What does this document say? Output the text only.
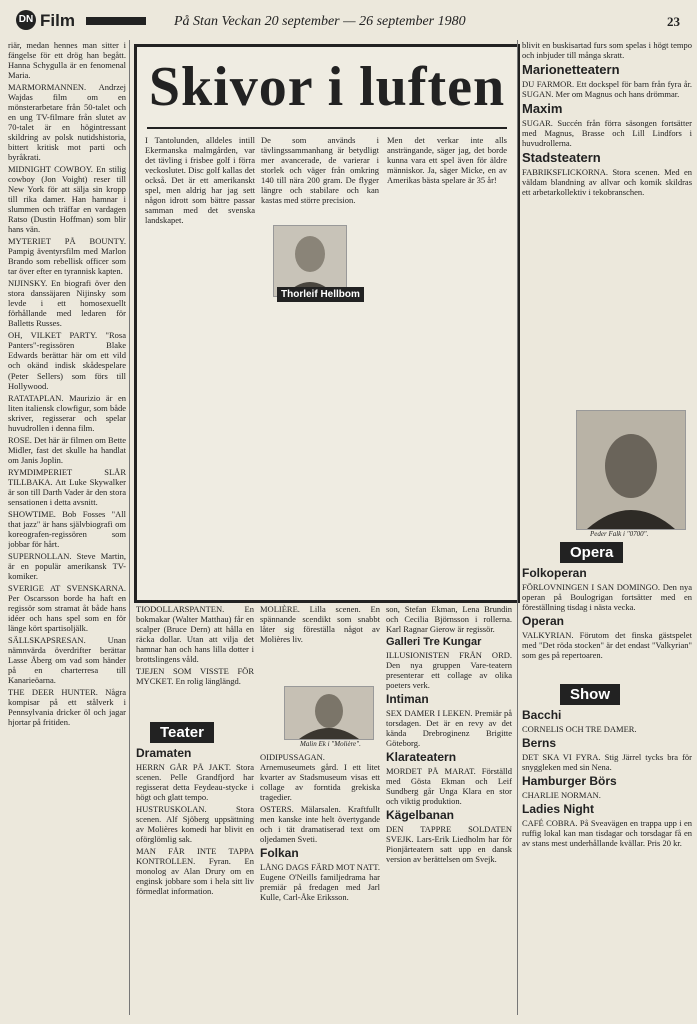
DN Film	På Stan Veckan 20 september — 26 september 1980	23

riär, medan hennes man sitter i fängelse för ett drög han begått. Hanna Schygulla är en fenomenal Maria.

MARMORMANNEN. Andrzej Wajdas film om en mönsterarbetare från 50-talet och en ung TV-filmare från slutet av 70-talet är en högintressant skildring av polsk nutidshistoria, bittert kritisk mot parti och byråkrati.

MIDNIGHT COWBOY. En stilig cowboy (Jon Voight) reser till New York för att sälja sin kropp till rika damer. Han hamnar i slummen och träffar en vardagen Ratso (Dustin Hoffman) som blir hans vän.

MYTERIET PÅ BOUNTY. Pampig äventyrsfilm med Marlon Brando som rebellisk officer som tar över efter en tyrannisk kapten.

NIJINSKY. En biografi över den stora danssäjaren Nijinsky som levde i ett homosexuellt förhållande med ledaren för Balletts Russes.

OH, VILKET PARTY. "Rosa Panters"-regissören Blake Edwards berättar här om ett vild och okänd indisk skådespelare (Peter Sellers) som förs till Hollywood.

RATATAPLAN. Maurizio är en liten italiensk clowfigur, som både skriver, regisserar och spelar huvudrollen i denna film.

ROSE. Det här är filmen om Bette Midler, fast det skulle ha handlat om Janis Joplin.

RYMDIMPERIET SLÅR TILLBAKA. Att Luke Skywalker är son till Darth Vader är den stora sensationen i detta avsnitt.

SHOWTIME. Bob Fosses "All that jazz" är hans självbiografi om koreografen-regissören som jobbar för hårt.

SUPERNOLLAN. Steve Martin, är en populär amerikansk TV-komiker.

SVERIGE AT SVENSKARNA. Per Oscarsson borde ha haft en regissör som stramat åt både hans idéer och hans spel som en för länge kört spartisoljälk.

SÄLLSKAPSRESAN. Unan nämnvärda överdrifter berättar Lasse Åberg om vad som händer på en charterresa till Kanarieöarna.

THE DEER HUNTER. Några kompisar på ett stålverk i Pennsylvania dricker öl och jagar hjortar på fritiden.

Skivor i luften
I Tantolunden, alldeles intill Ekermanska malmgården, var det tävling i frisbee golf i förra veckoslutet. Disc golf kallas det också. Det är ett amerikanskt spel, men aldrig har jag sett någon idrott som bättre passar samman med det svenska landskapet.
Thorleif Hellbom
De som används i tävlingssammanhang är betydligt mer avancerade, de varierar i storlek och väger från omkring 140 till nära 200 gram. De flyger längre och stabilare och kan kastas med större precision.
Men det verkar inte alls ansträngande, säger jag, det borde kunna vara ett spel även för äldre människor. Ja, säger Micke, en av Amerikas bästa spelare är 35 år!

blivit en buskisartad furs som spelas i högt tempo och inbjuder till många skratt.

Marionetteatern

DU FARMOR. Ett dockspel för barn från fyra år. SUGAN. Mer om Magnus och hans drömmar.

Maxim

SUGAR. Succén från förra säsongen fortsätter med Magnus, Brasse och Lill Lindfors i huvudrollerna.

Stadsteatern

FABRIKSFLICKORNA. Stora scenen. Med en väldam blandning av allvar och komik skildras ett arbetarkollektiv i tekobranschen.

Peder Falk i "0700".
Opera

Folkoperan

FÖRLOVNINGEN I SAN DOMINGO. Den nya operan på Boulogrigan fortsätter med en föreställning tisdag i nästa vecka.

Operan

VALKYRIAN. Förutom det finska gästspelet med "Det röda stocken" är det endast "Valkyrian" som ges på repertoaren.

Show

Bacchi

CORNELIS OCH TRE DAMER.

Berns

DET SKA VI FYRA. Stig Järrel tycks bra för snyggleken med sin Nena.

Hamburger Börs

CHARLIE NORMAN.

Ladies Night

CAFÉ COBRA. På Sveavägen en trappa upp i en ruffig lokal kan man tisdagar och torsdagar få en av stans mest underhållande kvällar. Pris 20 kr.

TIODOLLARSPANTEN. En bokmakar (Walter Matthau) får en scalper (Bruce Dern) att hålla en räcka dollar. Utan att vilja det hamnar han och hans lilla dotter i brottslingens våld.

TJEJEN SOM VISSTE FÖR MYCKET. En rolig länglängd.

Teater

Dramaten

HERRN GÅR PÅ JAKT. Stora scenen. Pelle Grandfjord har regisserat detta Feydeau-stycke i högt och glatt tempo.

HUSTRUSKOLAN. Stora scenen. Alf Sjöberg uppsättning av Molières komedi har blivit en oförglömlig sak.

MAN FÅR INTE TAPPA KONTROLLEN. Fyran. En monolog av Alan Drury om en enginsk jobbare som i hela sitt liv förmedlat information.

MOLIÈRE. Lilla scenen. En spännande scendikt som snabbt låter sig föreställa något av Molières liv.

Malin Ek i "Molière".

OIDIPUSSAGAN. Arnemuseumets gård. I ett litet kvarter av Stadsmuseum visas ett collage av forntida grekiska tragedier.

OSTERS. Mälarsalen. Kraftfullt men kanske inte helt övertygande och i tät dramatiserad text om oljedamen Sveti.

Folkan

LÅNG DAGS FÄRD MOT NATT. Eugene O'Neills familjedrama har premiär på fredagen med Jarl Kulle, Carl-Åke Eriksson.

son, Stefan Ekman, Lena Brundin och Cecilia Björnsson i rollerna. Karl Ragnar Gierow är regissör.

Galleri Tre Kungar

ILLUSIONISTEN FRÅN ORD. Den nya gruppen Vare-teatern presenterar ett collage av olika poeters verk.

Intiman

SEX DAMER I LEKEN. Premiär på torsdagen. Det är en revy av det kända Drebroginenz Brigitte Göteborg.

Klarateatern

MORDET PÅ MARAT. Förställd med Gösta Ekman och Leif Sundberg går Unga Klara en stor och viktig produktion.

Kägelbanan

DEN TAPPRE SOLDATEN SVEJK. Lars-Erik Liedholm har för Pionjärteatern satt upp en dansk version av berättelsen om Svejk.
